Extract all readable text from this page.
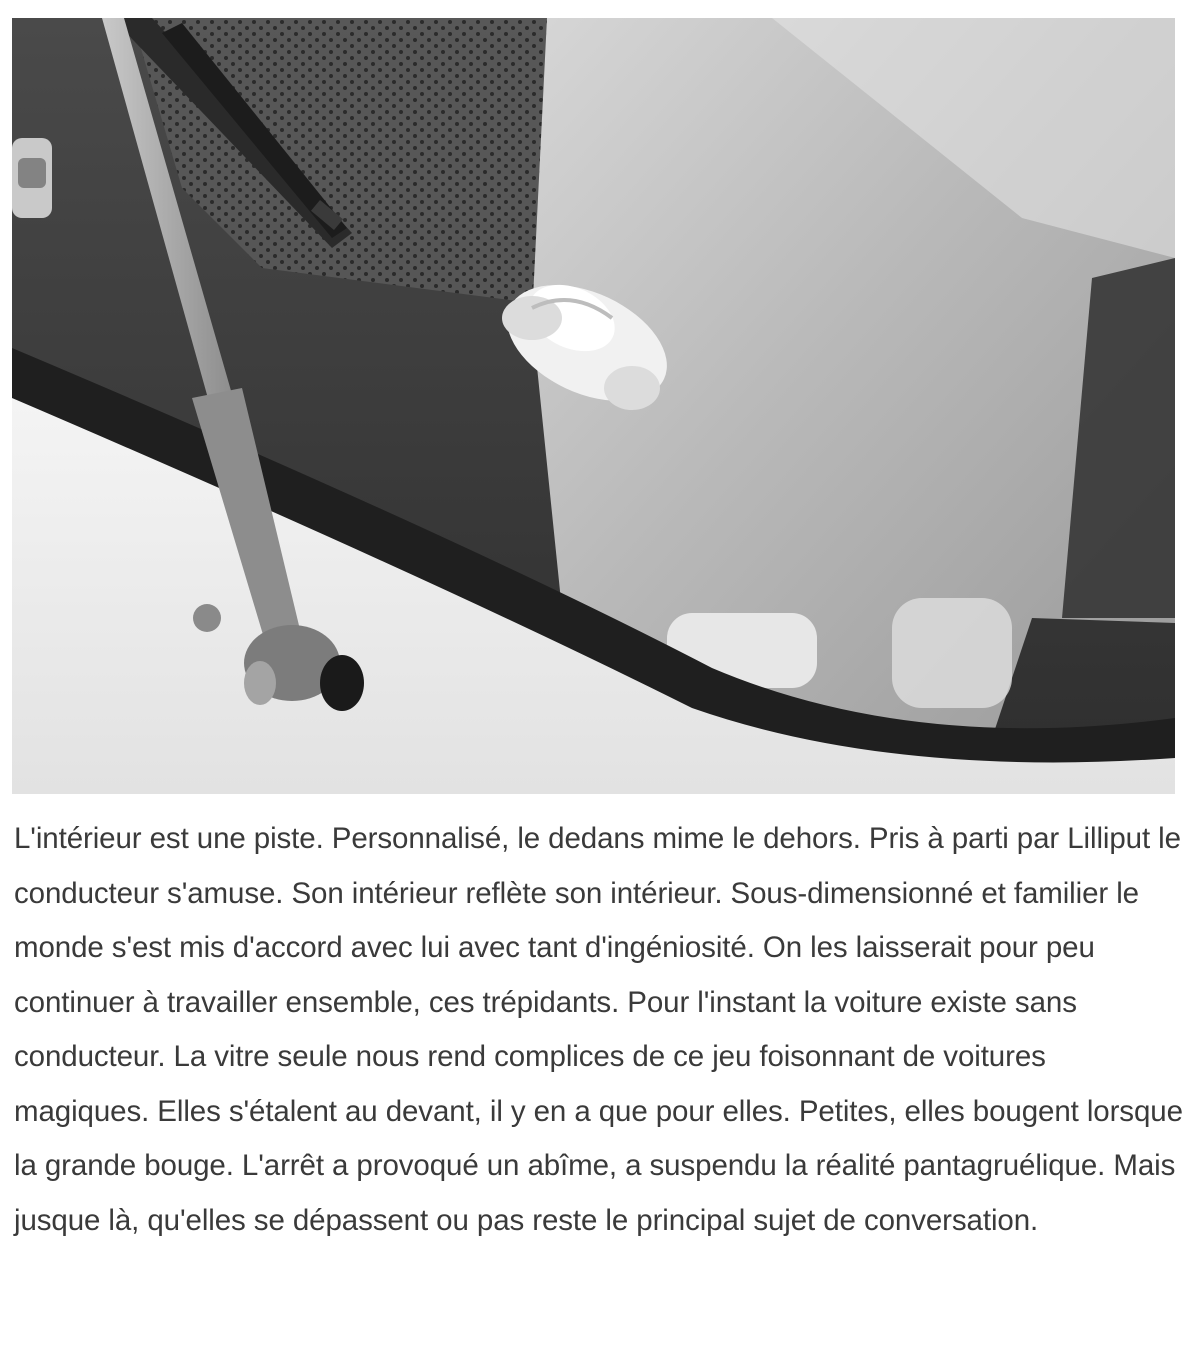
L'intérieur est une piste. Personnalisé, le dedans mime le dehors. Pris à parti par Lilliput le conducteur s'amuse. Son intérieur reflète son intérieur. Sous-dimensionné et familier le monde s'est mis d'accord avec lui avec tant d'ingéniosité. On les laisserait pour peu continuer à travailler ensemble, ces trépidants. Pour l'instant la voiture existe sans conducteur. La vitre seule nous rend complices de ce jeu foisonnant de voitures magiques. Elles s'étalent au devant, il y en a que pour elles. Petites, elles bougent lorsque la grande bouge. L'arrêt a provoqué un abîme, a suspendu la réalité pantagruélique. Mais jusque là, qu'elles se dépassent ou pas reste le principal sujet de conversation.
